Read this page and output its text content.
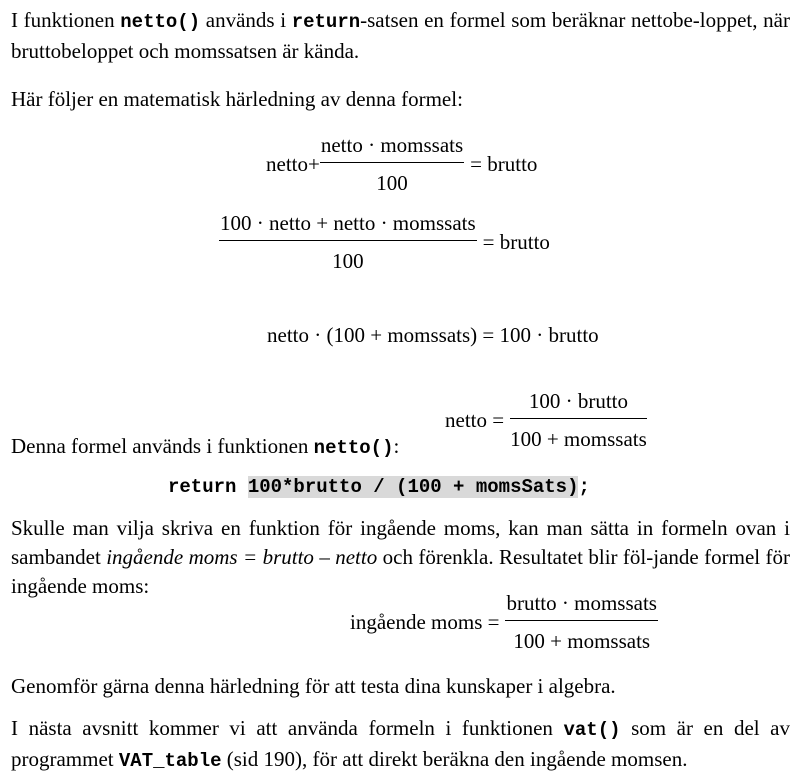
I funktionen netto() används i return-satsen en formel som beräknar nettobe-loppet, när bruttobeloppet och momssatsen är kända.

Här följer en matematisk härledning av denna formel:

netto + $\frac{\text{netto · momssats}}{100}$ = brutto
$\frac{\text{100 · netto + netto · momssats}}{100}$ = brutto
netto · (100 + momssats) = 100 · brutto
netto = $\frac{\text{100 · brutto}}{\text{100 + momssats}}$

Denna formel används i funktionen netto():

return 100*brutto / (100 + momsSats);

Skulle man vilja skriva en funktion för ingående moms, kan man sätta in formeln ovan i sambandet ingående moms = brutto – netto och förenkla. Resultatet blir föl-jande formel för ingående moms:

ingående moms = $\frac{\text{brutto · momssats}}{\text{100 + momssats}}$

Genomför gärna denna härledning för att testa dina kunskaper i algebra.

I nästa avsnitt kommer vi att använda formeln i funktionen vat() som är en del av programmet VAT_table (sid 190), för att direkt beräkna den ingående momsen.
